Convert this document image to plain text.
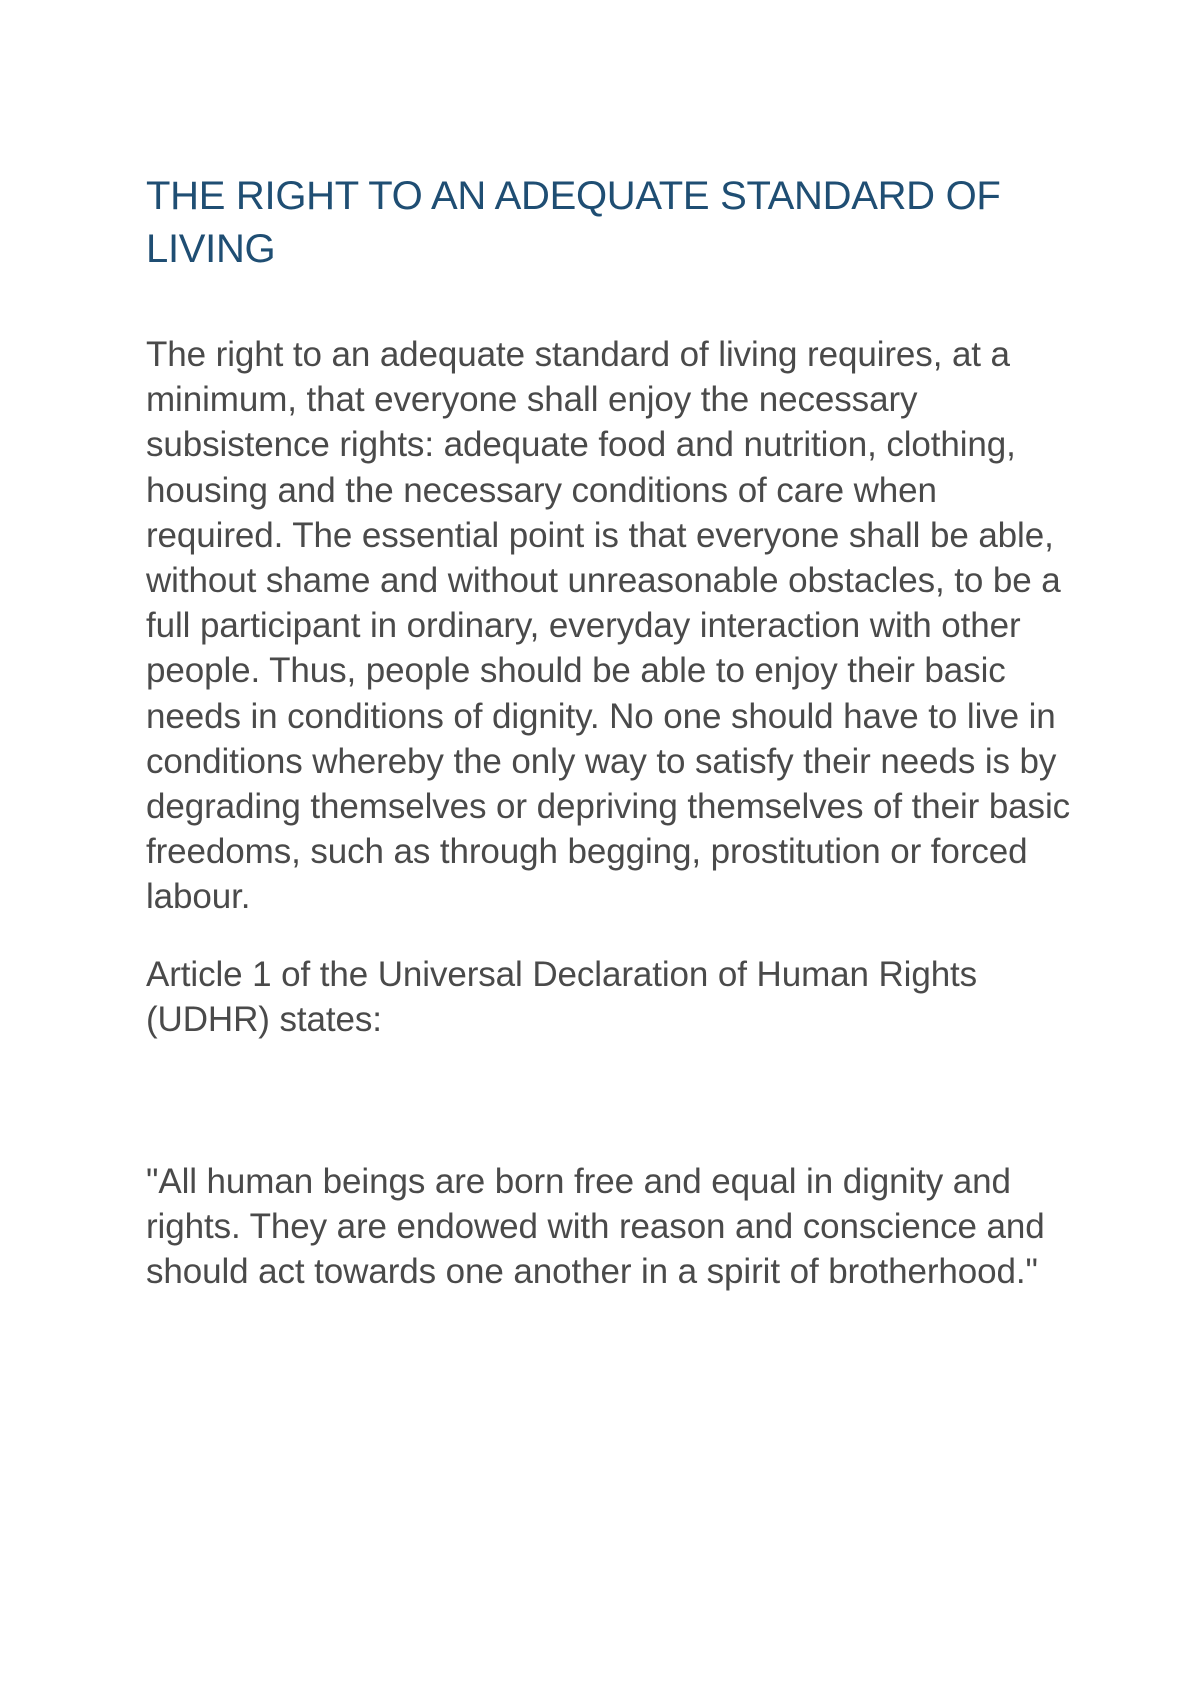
THE RIGHT TO AN ADEQUATE STANDARD OF LIVING

The right to an adequate standard of living requires, at a minimum, that everyone shall enjoy the necessary subsistence rights: adequate food and nutrition, clothing, housing and the necessary conditions of care when required. The essential point is that everyone shall be able, without shame and without unreasonable obstacles, to be a full participant in ordinary, everyday interaction with other people. Thus, people should be able to enjoy their basic needs in conditions of dignity. No one should have to live in conditions whereby the only way to satisfy their needs is by degrading themselves or depriving themselves of their basic freedoms, such as through begging, prostitution or forced labour.

Article 1 of the Universal Declaration of Human Rights (UDHR) states:

"All human beings are born free and equal in dignity and rights. They are endowed with reason and conscience and should act towards one another in a spirit of brotherhood."
